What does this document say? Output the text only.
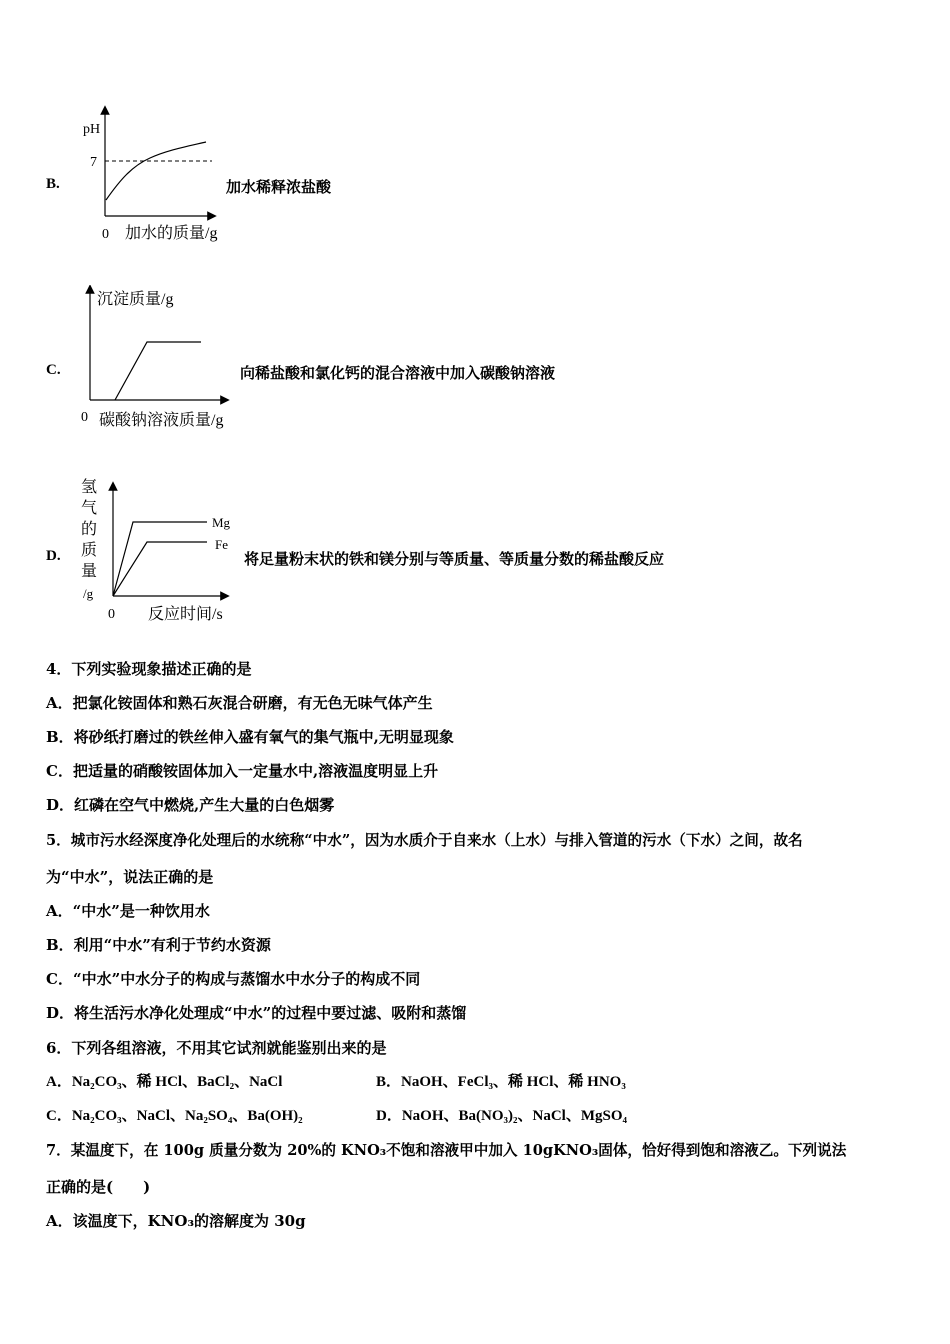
B.
pH
7
0 加水的质量/g
加水稀释浓盐酸
C.
沉淀质量/g
0 碳酸钠溶液质量/g
向稀盐酸和氯化钙的混合溶液中加入碳酸钠溶液
D.
氢
气
的
质
量
/g
Mg
Fe
0 反应时间/s
将足量粉末状的铁和镁分别与等质量、等质量分数的稀盐酸反应
4．下列实验现象描述正确的是
A．把氯化铵固体和熟石灰混合研磨，有无色无味气体产生
B．将砂纸打磨过的铁丝伸入盛有氧气的集气瓶中,无明显现象
C．把适量的硝酸铵固体加入一定量水中,溶液温度明显上升
D．红磷在空气中燃烧,产生大量的白色烟雾
5．城市污水经深度净化处理后的水统称“中水”，因为水质介于自来水（上水）与排入管道的污水（下水）之间，故名
为“中水”，说法正确的是
A．“中水”是一种饮用水
B．利用“中水”有利于节约水资源
C．“中水”中水分子的构成与蒸馏水中水分子的构成不同
D．将生活污水净化处理成“中水”的过程中要过滤、吸附和蒸馏
6．下列各组溶液，不用其它试剂就能鉴别出来的是
A．Na₂CO₃、稀 HCl、BaCl₂、NaCl	B．NaOH、FeCl₃、稀 HCl、稀 HNO₃
C．Na₂CO₃、NaCl、Na₂SO₄、Ba(OH)₂	D．NaOH、Ba(NO₃)₂、NaCl、MgSO₄
7．某温度下，在 100g 质量分数为 20%的 KNO₃不饱和溶液甲中加入 10gKNO₃固体，恰好得到饱和溶液乙。下列说法
正确的是(　　)
A．该温度下，KNO₃的溶解度为 30g
